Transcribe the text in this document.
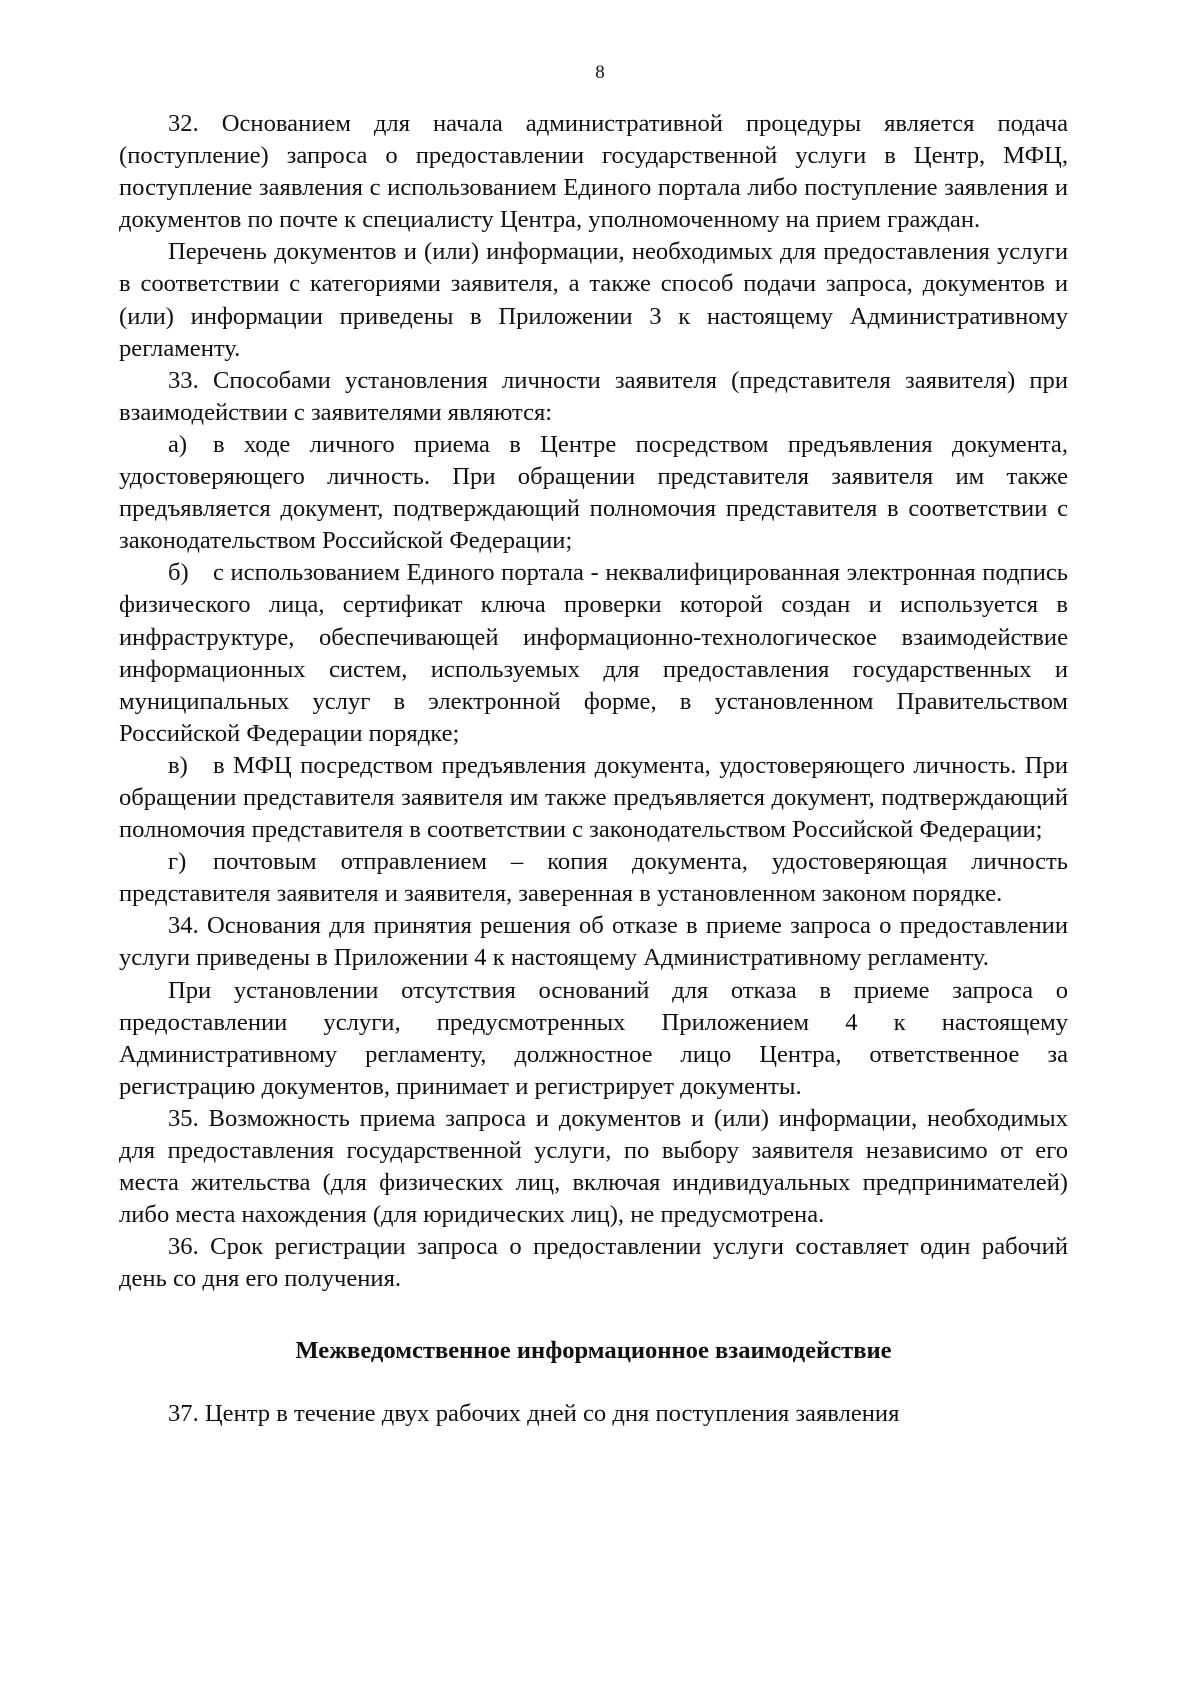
8

32. Основанием для начала административной процедуры является подача (поступление) запроса о предоставлении государственной услуги в Центр, МФЦ, поступление заявления с использованием Единого портала либо поступление заявления и документов по почте к специалисту Центра, уполномоченному на прием граждан.

Перечень документов и (или) информации, необходимых для предоставления услуги в соответствии с категориями заявителя, а также способ подачи запроса, документов и (или) информации приведены в Приложении 3 к настоящему Административному регламенту.

33. Способами установления личности заявителя (представителя заявителя) при взаимодействии с заявителями являются:

а) в ходе личного приема в Центре посредством предъявления документа, удостоверяющего личность. При обращении представителя заявителя им также предъявляется документ, подтверждающий полномочия представителя в соответствии с законодательством Российской Федерации;

б) с использованием Единого портала - неквалифицированная электронная подпись физического лица, сертификат ключа проверки которой создан и используется в инфраструктуре, обеспечивающей информационно-технологическое взаимодействие информационных систем, используемых для предоставления государственных и муниципальных услуг в электронной форме, в установленном Правительством Российской Федерации порядке;

в) в МФЦ посредством предъявления документа, удостоверяющего личность. При обращении представителя заявителя им также предъявляется документ, подтверждающий полномочия представителя в соответствии с законодательством Российской Федерации;

г) почтовым отправлением – копия документа, удостоверяющая личность представителя заявителя и заявителя, заверенная в установленном законом порядке.

34. Основания для принятия решения об отказе в приеме запроса о предоставлении услуги приведены в Приложении 4 к настоящему Административному регламенту.

При установлении отсутствия оснований для отказа в приеме запроса о предоставлении услуги, предусмотренных Приложением 4 к настоящему Административному регламенту, должностное лицо Центра, ответственное за регистрацию документов, принимает и регистрирует документы.

35. Возможность приема запроса и документов и (или) информации, необходимых для предоставления государственной услуги, по выбору заявителя независимо от его места жительства (для физических лиц, включая индивидуальных предпринимателей) либо места нахождения (для юридических лиц), не предусмотрена.

36. Срок регистрации запроса о предоставлении услуги составляет один рабочий день со дня его получения.

Межведомственное информационное взаимодействие

37. Центр в течение двух рабочих дней со дня поступления заявления
